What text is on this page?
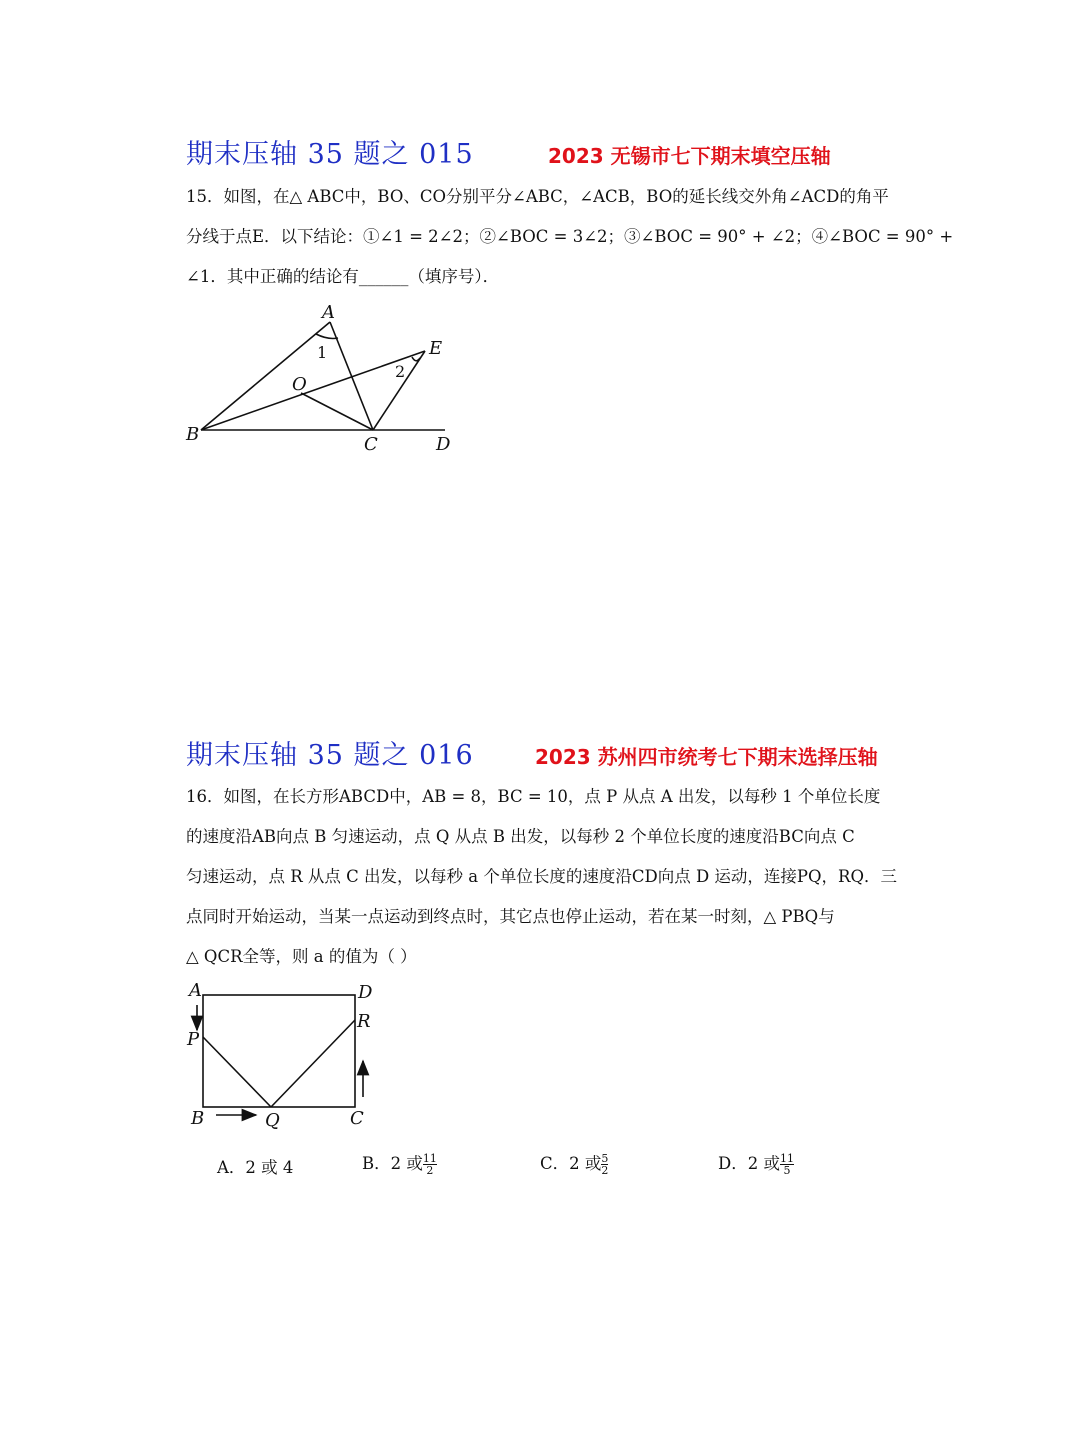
期末压轴 35 题之 015	2023 无锡市七下期末填空压轴
15．如图，在△ ABC中，BO、CO分别平分∠ABC，∠ACB，BO的延长线交外角∠ACD的角平
分线于点E．以下结论：①∠1 = 2∠2；②∠BOC = 3∠2；③∠BOC = 90° + ∠2；④∠BOC = 90° +
∠1．其中正确的结论有______（填序号）．
A
B	C	D
E
O
1
2
期末压轴 35 题之 016	2023 苏州四市统考七下期末选择压轴
16．如图，在长方形ABCD中，AB = 8，BC = 10，点 P 从点 A 出发，以每秒 1 个单位长度
的速度沿AB向点 B 匀速运动，点 Q 从点 B 出发，以每秒 2 个单位长度的速度沿BC向点 C
匀速运动，点 R 从点 C 出发，以每秒 a 个单位长度的速度沿CD向点 D 运动，连接PQ，RQ．三
点同时开始运动，当某一点运动到终点时，其它点也停止运动，若在某一时刻，△ PBQ与
△ QCR全等，则 a 的值为（ ）
A	D
P
R
B	Q	C
A．2 或 4	B．2 或 $\frac{11}{2}$	C．2 或 $\frac{5}{2}$	D．2 或 $\frac{11}{5}$
